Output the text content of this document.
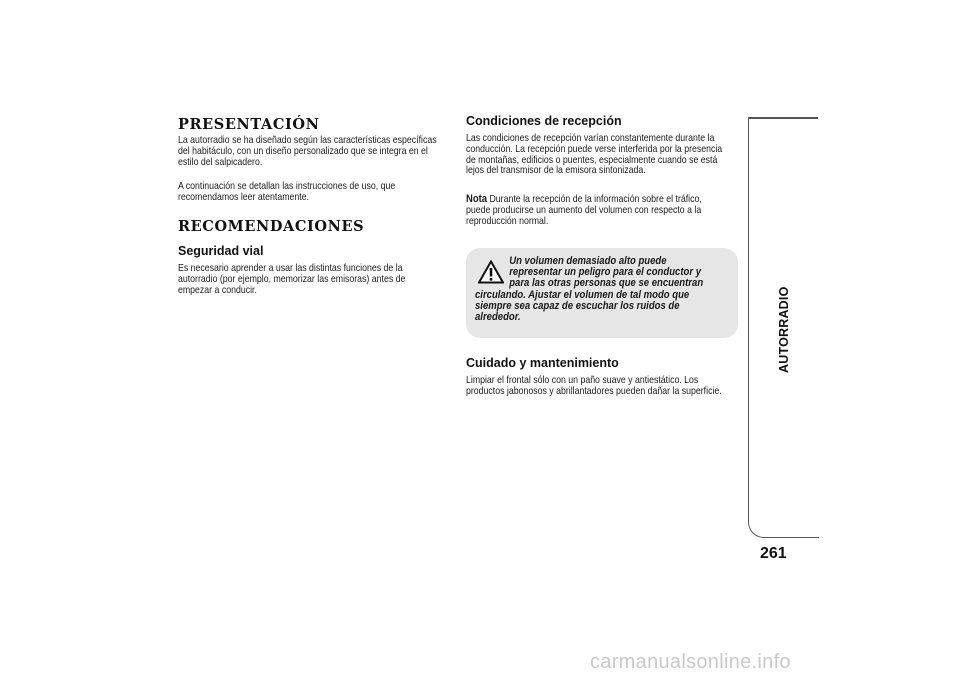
PRESENTACIÓN

La autorradio se ha diseñado según las características específicas
del habitáculo, con un diseño personalizado que se integra en el
estilo del salpicadero.

A continuación se detallan las instrucciones de uso, que
recomendamos leer atentamente.

RECOMENDACIONES
Seguridad vial

Es necesario aprender a usar las distintas funciones de la
autorradio (por ejemplo, memorizar las emisoras) antes de
empezar a conducir.

Condiciones de recepción

Las condiciones de recepción varían constantemente durante la
conducción. La recepción puede verse interferida por la presencia
de montañas, edificios o puentes, especialmente cuando se está
lejos del transmisor de la emisora sintonizada.

Nota Durante la recepción de la información sobre el tráfico,
puede producirse un aumento del volumen con respecto a la
reproducción normal.

Un volumen demasiado alto puede
representar un peligro para el conductor y
para las otras personas que se encuentran
circulando. Ajustar el volumen de tal modo que
siempre sea capaz de escuchar los ruidos de
alrededor.

Cuidado y mantenimiento

Limpiar el frontal sólo con un paño suave y antiestático. Los
productos jabonosos y abrillantadores pueden dañar la superficie.

AUTORRADIO
261
carmanualsonline.info
